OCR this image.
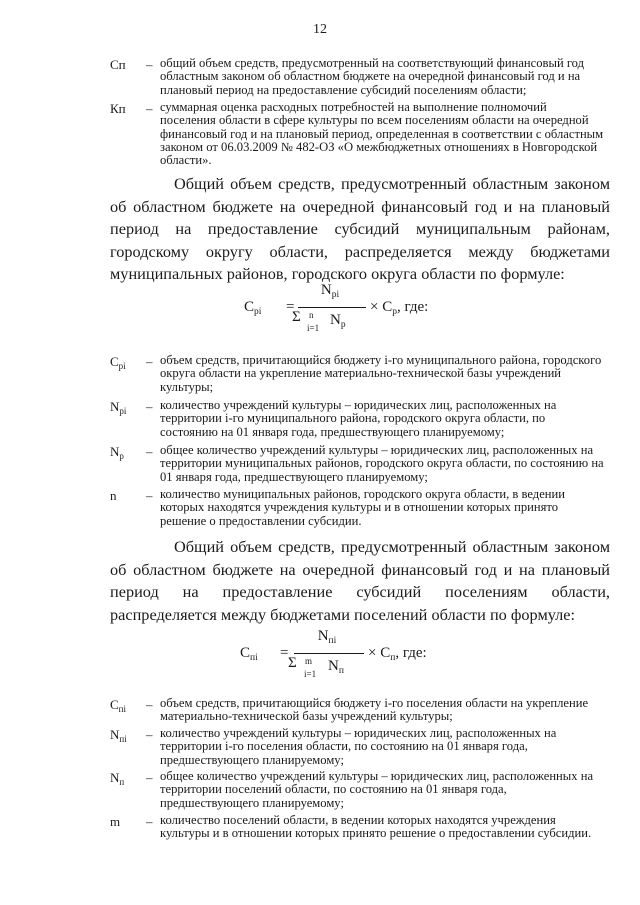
12
Cп – общий объем средств, предусмотренный на соответствующий финансовый год областным законом об областном бюджете на очередной финансовый год и на плановый период на предоставление субсидий поселениям области;
Кп – суммарная оценка расходных потребностей на выполнение полномочий поселения области в сфере культуры по всем поселениям области на очередной финансовый год и на плановый период, определенная в соответствии с областным законом от 06.03.2009 № 482-ОЗ «О межбюджетных отношениях в Новгородской области».
Общий объем средств, предусмотренный областным законом об областном бюджете на очередной финансовый год и на плановый период на предоставление субсидий муниципальным районам, городскому округу области, распределяется между бюджетами муниципальных районов, городского округа области по формуле:
$C_{pi}$ =
$N_{pi}$
Σ n
i=1 $N_p$
× $C_p$, где:
$C_{pi}$ – объем средств, причитающийся бюджету i-го муниципального района, городского округа области на укрепление материально-технической базы учреждений культуры;
$N_{pi}$ – количество учреждений культуры – юридических лиц, расположенных на территории i-го муниципального района, городского округа области, по состоянию на 01 января года, предшествующего планируемому;
$N_p$ – общее количество учреждений культуры – юридических лиц, расположенных на территории муниципальных районов, городского округа области, по состоянию на 01 января года, предшествующего планируемому;
n – количество муниципальных районов, городского округа области, в ведении которых находятся учреждения культуры и в отношении которых принято решение о предоставлении субсидии.
Общий объем средств, предусмотренный областным законом об областном бюджете на очередной финансовый год и на плановый период на предоставление субсидий поселениям области, распределяется между бюджетами поселений области по формуле:
$C_{пi}$ =
$N_{пi}$
Σ m
i=1 $N_п$
× $C_п$, где:
$C_{пi}$ – объем средств, причитающийся бюджету i-го поселения области на укрепление материально-технической базы учреждений культуры;
$N_{пi}$ – количество учреждений культуры – юридических лиц, расположенных на территории i-го поселения области, по состоянию на 01 января года, предшествующего планируемому;
$N_п$ – общее количество учреждений культуры – юридических лиц, расположенных на территории поселений области, по состоянию на 01 января года, предшествующего планируемому;
m – количество поселений области, в ведении которых находятся учреждения культуры и в отношении которых принято решение о предоставлении субсидии.
